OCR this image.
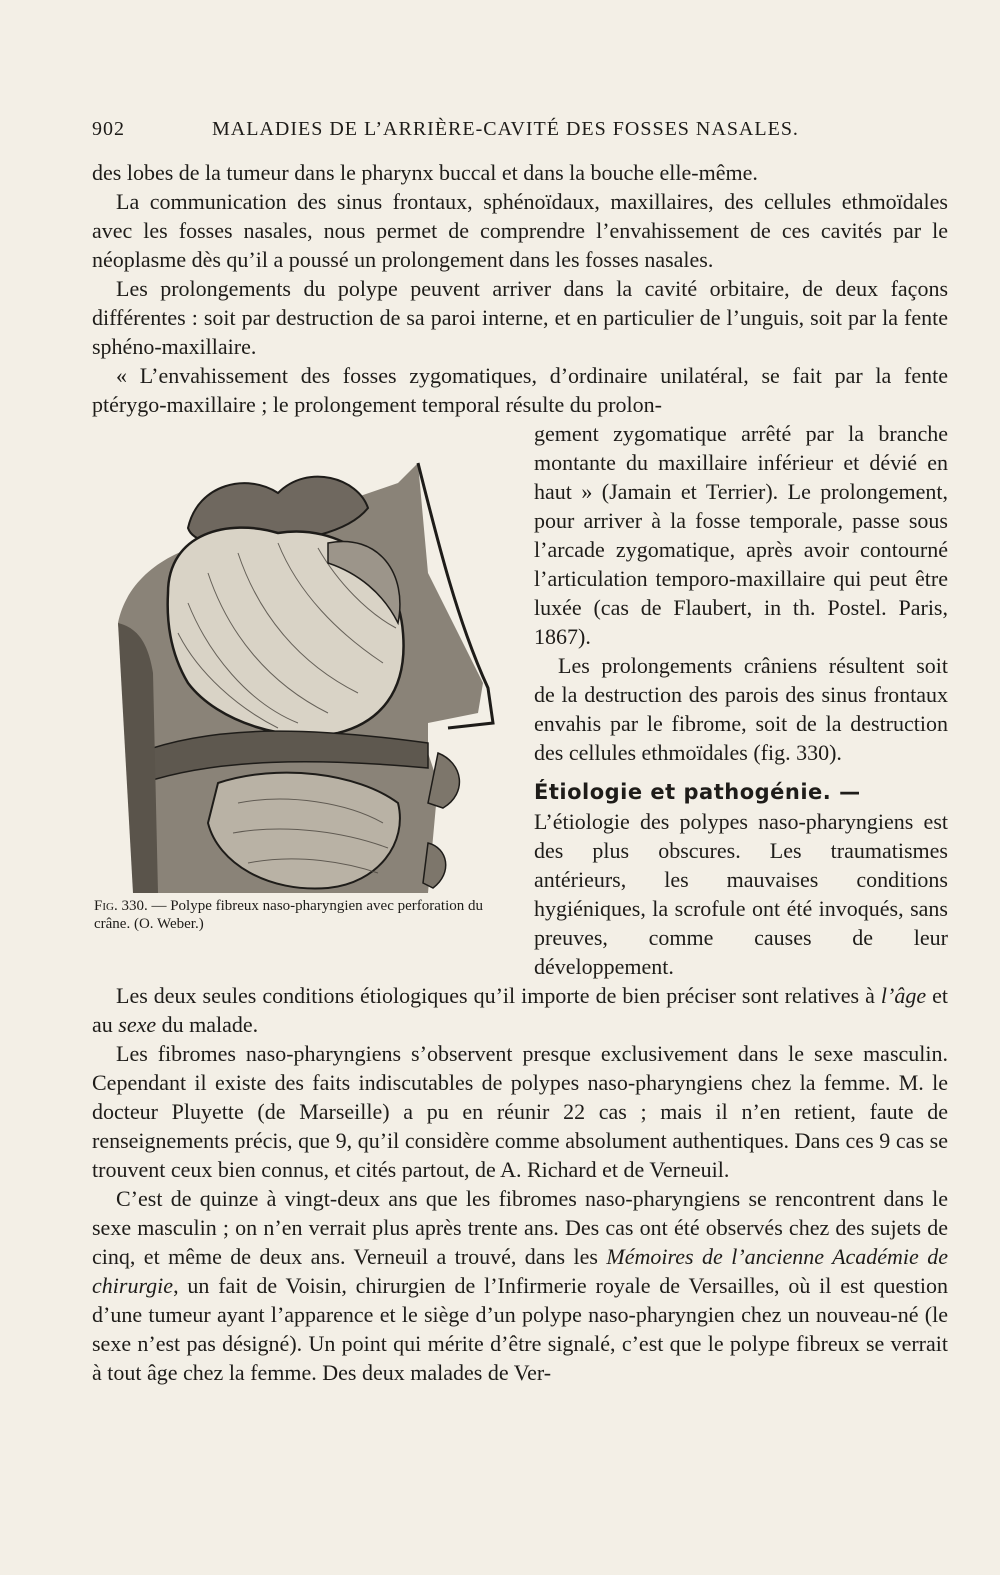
902	MALADIES DE L’ARRIÈRE-CAVITÉ DES FOSSES NASALES.

des lobes de la tumeur dans le pharynx buccal et dans la bouche elle-même.

La communication des sinus frontaux, sphénoïdaux, maxillaires, des cellules ethmoïdales avec les fosses nasales, nous permet de comprendre l’envahissement de ces cavités par le néoplasme dès qu’il a poussé un prolongement dans les fosses nasales.

Les prolongements du polype peuvent arriver dans la cavité orbitaire, de deux façons différentes : soit par destruction de sa paroi interne, et en particulier de l’unguis, soit par la fente sphéno-maxillaire.

« L’envahissement des fosses zygomatiques, d’ordinaire unilatéral, se fait par la fente ptérygo-maxillaire ; le prolongement temporal résulte du prolon-

Fig. 330. — Polype fibreux naso-pharyngien avec perforation du crâne. (O. Weber.)

gement zygomatique arrêté par la branche montante du maxillaire inférieur et dévié en haut » (Jamain et Terrier). Le prolongement, pour arriver à la fosse temporale, passe sous l’arcade zygomatique, après avoir contourné l’articulation temporo-maxillaire qui peut être luxée (cas de Flaubert, in th. Postel. Paris, 1867).

Les prolongements crâniens résultent soit de la destruction des parois des sinus frontaux envahis par le fibrome, soit de la destruction des cellules ethmoïdales (fig. 330).

Étiologie et pathogénie. —

L’étiologie des polypes naso-pharyngiens est des plus obscures. Les traumatismes antérieurs, les mauvaises conditions hygiéniques, la scrofule ont été invoqués, sans preuves, comme causes de leur développement.

Les deux seules conditions étiologiques qu’il importe de bien préciser sont relatives à l’âge et au sexe du malade.

Les fibromes naso-pharyngiens s’observent presque exclusivement dans le sexe masculin. Cependant il existe des faits indiscutables de polypes naso-pharyngiens chez la femme. M. le docteur Pluyette (de Marseille) a pu en réunir 22 cas ; mais il n’en retient, faute de renseignements précis, que 9, qu’il considère comme absolument authentiques. Dans ces 9 cas se trouvent ceux bien connus, et cités partout, de A. Richard et de Verneuil.

C’est de quinze à vingt-deux ans que les fibromes naso-pharyngiens se rencontrent dans le sexe masculin ; on n’en verrait plus après trente ans. Des cas ont été observés chez des sujets de cinq, et même de deux ans. Verneuil a trouvé, dans les Mémoires de l’ancienne Académie de chirurgie, un fait de Voisin, chirurgien de l’Infirmerie royale de Versailles, où il est question d’une tumeur ayant l’apparence et le siège d’un polype naso-pharyngien chez un nouveau-né (le sexe n’est pas désigné). Un point qui mérite d’être signalé, c’est que le polype fibreux se verrait à tout âge chez la femme. Des deux malades de Ver-
